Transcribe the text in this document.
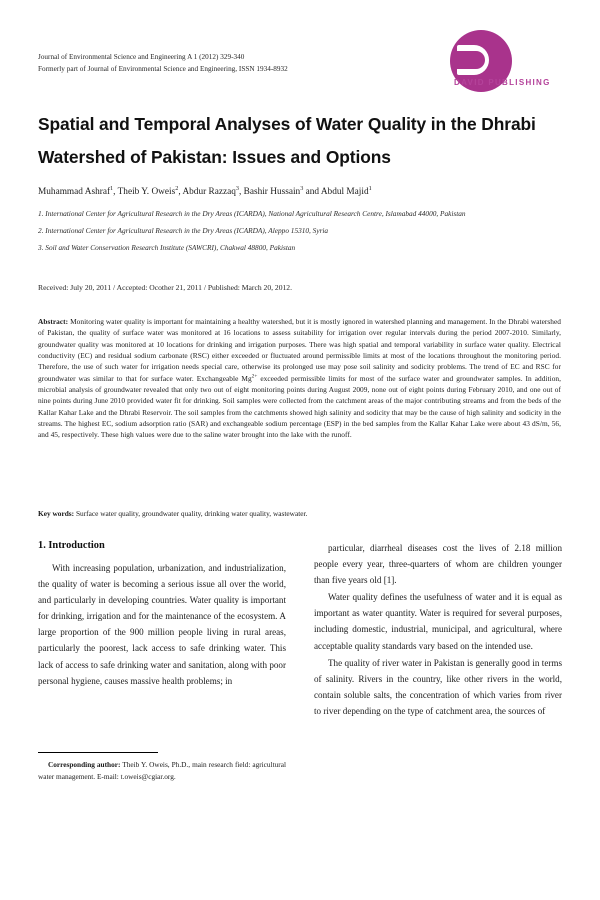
Journal of Environmental Science and Engineering A 1 (2012) 329-340
Formerly part of Journal of Environmental Science and Engineering, ISSN 1934-8932
DAVID PUBLISHING
Spatial and Temporal Analyses of Water Quality in the Dhrabi Watershed of Pakistan: Issues and Options
Muhammad Ashraf$^1$, Theib Y. Oweis$^2$, Abdur Razzaq$^3$, Bashir Hussain$^3$ and Abdul Majid$^1$
1. International Center for Agricultural Research in the Dry Areas (ICARDA), National Agricultural Research Centre, Islamabad 44000, Pakistan
2. International Center for Agricultural Research in the Dry Areas (ICARDA), Aleppo 15310, Syria
3. Soil and Water Conservation Research Institute (SAWCRI), Chakwal 48800, Pakistan
Received: July 20, 2011 / Accepted: Ocother 21, 2011 / Published: March 20, 2012.
Abstract: Monitoring water quality is important for maintaining a healthy watershed, but it is mostly ignored in watershed planning and management. In the Dhrabi watershed of Pakistan, the quality of surface water was monitored at 16 locations to assess suitability for irrigation over regular intervals during the period 2007-2010. Similarly, groundwater quality was monitored at 10 locations for drinking and irrigation purposes. There was high spatial and temporal variability in surface water quality. Electrical conductivity (EC) and residual sodium carbonate (RSC) either exceeded or fluctuated around permissible limits at most of the locations throughout the monitoring period. Therefore, the use of such water for irrigation needs special care, otherwise its prolonged use may pose soil salinity and sodicity problems. The trend of EC and RSC for groundwater was similar to that for surface water. Exchangeable $Mg^{2+}$ exceeded permissible limits for most of the surface water and groundwater samples. In addition, microbial analysis of groundwater revealed that only two out of eight monitoring points during August 2009, none out of eight points during February 2010, and one out of nine points during June 2010 provided water fit for drinking. Soil samples were collected from the catchment areas of the major contributing streams and from the beds of the Kallar Kahar Lake and the Dhrabi Reservoir. The soil samples from the catchments showed high salinity and sodicity that may be the cause of high salinity and sodicity in the streams. The highest EC, sodium adsorption ratio (SAR) and exchangeable sodium percentage (ESP) in the bed samples from the Kallar Kahar Lake were about 43 dS/m, 56, and 45, respectively. These high values were due to the saline water brought into the lake with the runoff.
Key words: Surface water quality, groundwater quality, drinking water quality, wastewater.
1. Introduction

With increasing population, urbanization, and industrialization, the quality of water is becoming a serious issue all over the world, and particularly in developing countries. Water quality is important for drinking, irrigation and for the maintenance of the ecosystem. A large proportion of the 900 million people living in rural areas, particularly the poorest, lack access to safe drinking water. This lack of access to safe drinking water and sanitation, along with poor personal hygiene, causes massive health problems; in

particular, diarrheal diseases cost the lives of 2.18 million people every year, three-quarters of whom are children younger than five years old [1].

Water quality defines the usefulness of water and it is equal as important as water quantity. Water is required for several purposes, including domestic, industrial, municipal, and agricultural, where acceptable quality standards vary based on the intended use.

The quality of river water in Pakistan is generally good in terms of salinity. Rivers in the country, like other rivers in the world, contain soluble salts, the concentration of which varies from river to river depending on the type of catchment area, the sources of

Corresponding author: Theib Y. Oweis, Ph.D., main research field: agricultural water management. E-mail: t.oweis@cgiar.org.
